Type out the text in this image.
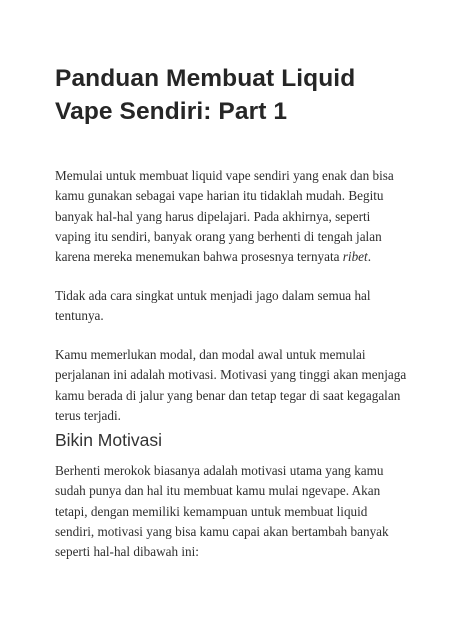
Panduan Membuat Liquid
Vape Sendiri: Part 1

Memulai untuk membuat liquid vape sendiri yang enak dan bisa
kamu gunakan sebagai vape harian itu tidaklah mudah. Begitu
banyak hal-hal yang harus dipelajari. Pada akhirnya, seperti
vaping itu sendiri, banyak orang yang berhenti di tengah jalan
karena mereka menemukan bahwa prosesnya ternyata ribet.

Tidak ada cara singkat untuk menjadi jago dalam semua hal
tentunya.

Kamu memerlukan modal, dan modal awal untuk memulai
perjalanan ini adalah motivasi. Motivasi yang tinggi akan menjaga
kamu berada di jalur yang benar dan tetap tegar di saat kegagalan
terus terjadi.

Bikin Motivasi

Berhenti merokok biasanya adalah motivasi utama yang kamu
sudah punya dan hal itu membuat kamu mulai ngevape. Akan
tetapi, dengan memiliki kemampuan untuk membuat liquid
sendiri, motivasi yang bisa kamu capai akan bertambah banyak
seperti hal-hal dibawah ini:
